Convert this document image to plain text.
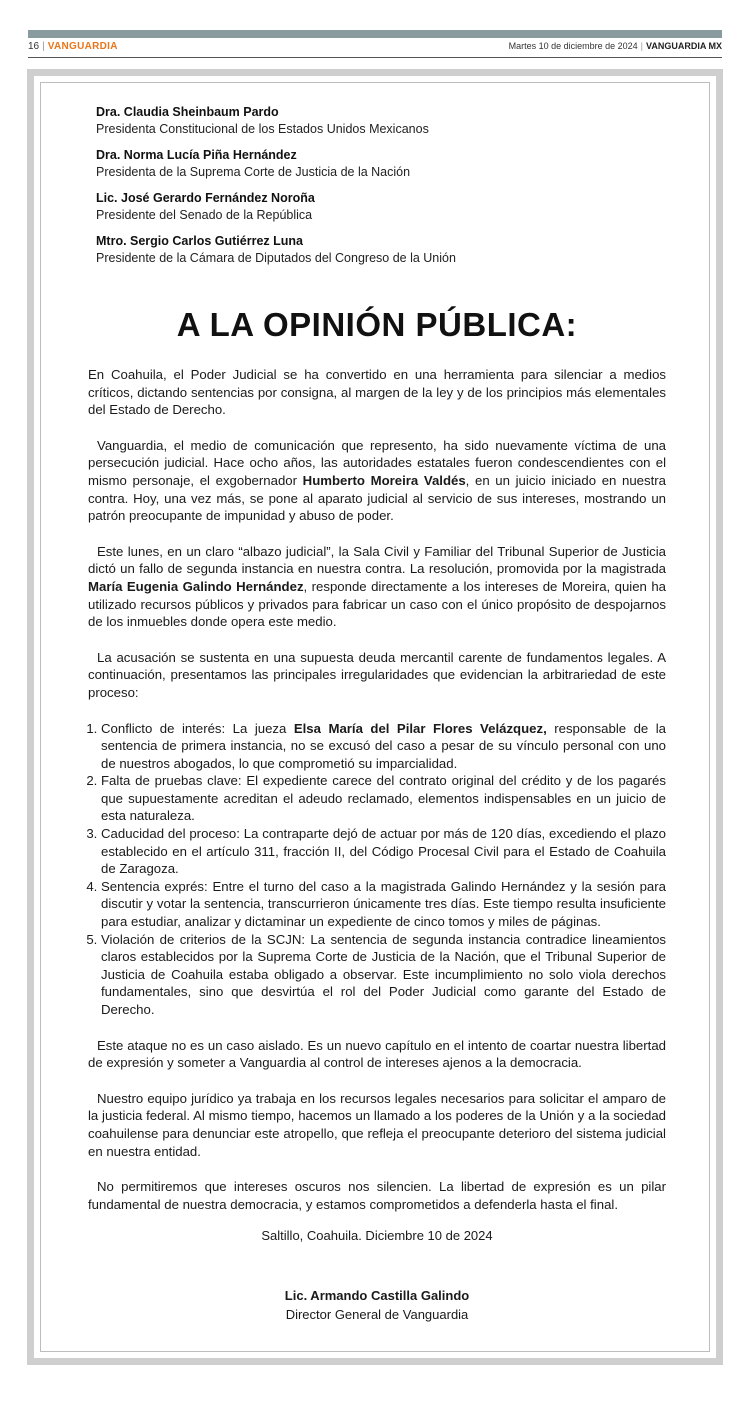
16 | VANGUARDIA	Martes 10 de diciembre de 2024 | VANGUARDIA MX
Dra. Claudia Sheinbaum Pardo
Presidenta Constitucional de los Estados Unidos Mexicanos
Dra. Norma Lucía Piña Hernández
Presidenta de la Suprema Corte de Justicia de la Nación
Lic. José Gerardo Fernández Noroña
Presidente del Senado de la República
Mtro. Sergio Carlos Gutiérrez Luna
Presidente de la Cámara de Diputados del Congreso de la Unión
A LA OPINIÓN PÚBLICA:

En Coahuila, el Poder Judicial se ha convertido en una herramienta para silenciar a medios críticos, dictando sentencias por consigna, al margen de la ley y de los principios más elementales del Estado de Derecho.

Vanguardia, el medio de comunicación que represento, ha sido nuevamente víctima de una persecución judicial. Hace ocho años, las autoridades estatales fueron condescendientes con el mismo personaje, el exgobernador Humberto Moreira Valdés, en un juicio iniciado en nuestra contra. Hoy, una vez más, se pone al aparato judicial al servicio de sus intereses, mostrando un patrón preocupante de impunidad y abuso de poder.

Este lunes, en un claro “albazo judicial”, la Sala Civil y Familiar del Tribunal Superior de Justicia dictó un fallo de segunda instancia en nuestra contra. La resolución, promovida por la magistrada María Eugenia Galindo Hernández, responde directamente a los intereses de Moreira, quien ha utilizado recursos públicos y privados para fabricar un caso con el único propósito de despojarnos de los inmuebles donde opera este medio.

La acusación se sustenta en una supuesta deuda mercantil carente de fundamentos legales. A continuación, presentamos las principales irregularidades que evidencian la arbitrariedad de este proceso:

1. Conflicto de interés: La jueza Elsa María del Pilar Flores Velázquez, responsable de la sentencia de primera instancia, no se excusó del caso a pesar de su vínculo personal con uno de nuestros abogados, lo que comprometió su imparcialidad.
2. Falta de pruebas clave: El expediente carece del contrato original del crédito y de los pagarés que supuestamente acreditan el adeudo reclamado, elementos indispensables en un juicio de esta naturaleza.
3. Caducidad del proceso: La contraparte dejó de actuar por más de 120 días, excediendo el plazo establecido en el artículo 311, fracción II, del Código Procesal Civil para el Estado de Coahuila de Zaragoza.
4. Sentencia exprés: Entre el turno del caso a la magistrada Galindo Hernández y la sesión para discutir y votar la sentencia, transcurrieron únicamente tres días. Este tiempo resulta insuficiente para estudiar, analizar y dictaminar un expediente de cinco tomos y miles de páginas.
5. Violación de criterios de la SCJN: La sentencia de segunda instancia contradice lineamientos claros establecidos por la Suprema Corte de Justicia de la Nación, que el Tribunal Superior de Justicia de Coahuila estaba obligado a observar. Este incumplimiento no solo viola derechos fundamentales, sino que desvirtúa el rol del Poder Judicial como garante del Estado de Derecho.

Este ataque no es un caso aislado. Es un nuevo capítulo en el intento de coartar nuestra libertad de expresión y someter a Vanguardia al control de intereses ajenos a la democracia.

Nuestro equipo jurídico ya trabaja en los recursos legales necesarios para solicitar el amparo de la justicia federal. Al mismo tiempo, hacemos un llamado a los poderes de la Unión y a la sociedad coahuilense para denunciar este atropello, que refleja el preocupante deterioro del sistema judicial en nuestra entidad.

No permitiremos que intereses oscuros nos silencien. La libertad de expresión es un pilar fundamental de nuestra democracia, y estamos comprometidos a defenderla hasta el final.

Saltillo, Coahuila. Diciembre 10 de 2024
Lic. Armando Castilla Galindo
Director General de Vanguardia
